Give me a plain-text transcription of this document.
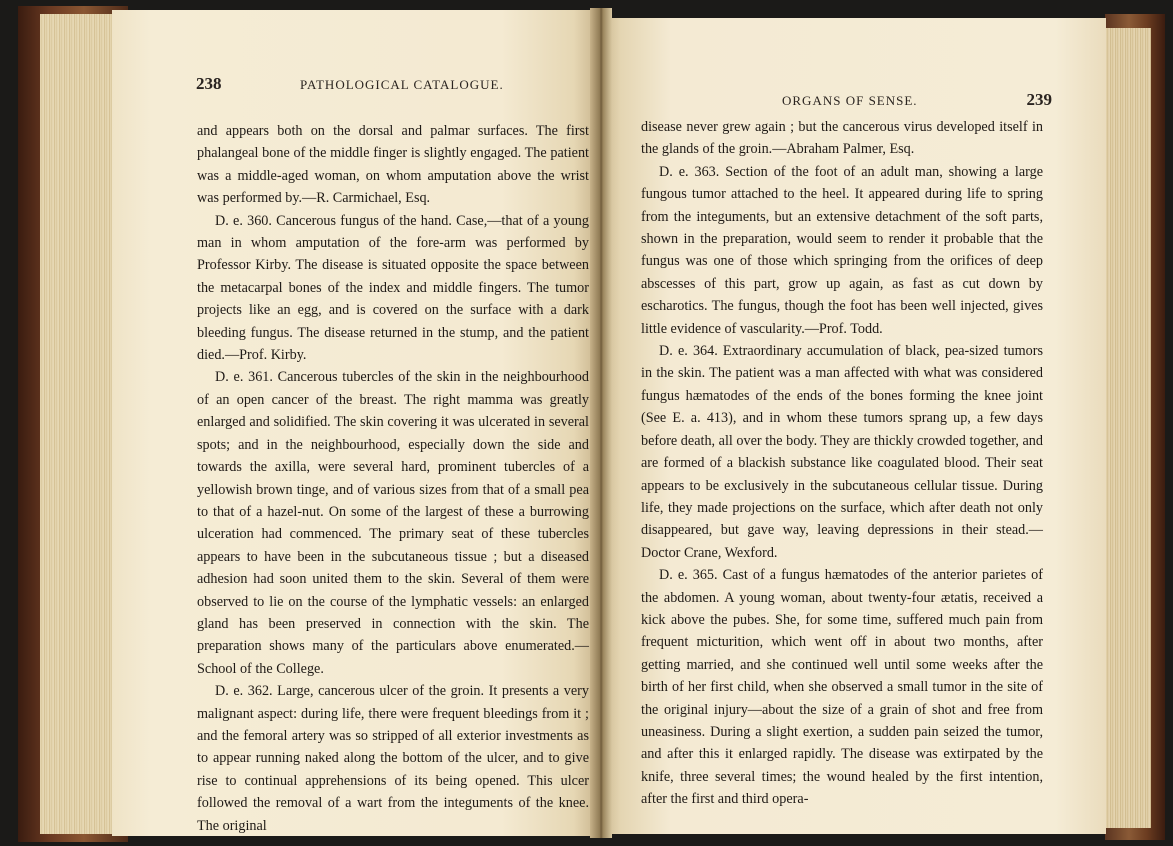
238	PATHOLOGICAL CATALOGUE.

and appears both on the dorsal and palmar surfaces. The first phalangeal bone of the middle finger is slightly engaged. The patient was a middle-aged woman, on whom amputation above the wrist was performed by.—R. Carmichael, Esq.

D. e. 360. Cancerous fungus of the hand. Case,—that of a young man in whom amputation of the fore-arm was performed by Professor Kirby. The disease is situated opposite the space between the metacarpal bones of the index and middle fingers. The tumor projects like an egg, and is covered on the surface with a dark bleeding fungus. The disease returned in the stump, and the patient died.—Prof. Kirby.

D. e. 361. Cancerous tubercles of the skin in the neighbourhood of an open cancer of the breast. The right mamma was greatly enlarged and solidified. The skin covering it was ulcerated in several spots; and in the neighbourhood, especially down the side and towards the axilla, were several hard, prominent tubercles of a yellowish brown tinge, and of various sizes from that of a small pea to that of a hazel-nut. On some of the largest of these a burrowing ulceration had commenced. The primary seat of these tubercles appears to have been in the subcutaneous tissue ; but a diseased adhesion had soon united them to the skin. Several of them were observed to lie on the course of the lymphatic vessels: an enlarged gland has been preserved in connection with the skin. The preparation shows many of the particulars above enumerated.—School of the College.

D. e. 362. Large, cancerous ulcer of the groin. It presents a very malignant aspect: during life, there were frequent bleedings from it ; and the femoral artery was so stripped of all exterior investments as to appear running naked along the bottom of the ulcer, and to give rise to continual apprehensions of its being opened. This ulcer followed the removal of a wart from the integuments of the knee. The original

ORGANS OF SENSE.	239

disease never grew again ; but the cancerous virus developed itself in the glands of the groin.—Abraham Palmer, Esq.

D. e. 363. Section of the foot of an adult man, showing a large fungous tumor attached to the heel. It appeared during life to spring from the integuments, but an extensive detachment of the soft parts, shown in the preparation, would seem to render it probable that the fungus was one of those which springing from the orifices of deep abscesses of this part, grow up again, as fast as cut down by escharotics. The fungus, though the foot has been well injected, gives little evidence of vascularity.—Prof. Todd.

D. e. 364. Extraordinary accumulation of black, pea-sized tumors in the skin. The patient was a man affected with what was considered fungus hæmatodes of the ends of the bones forming the knee joint (See E. a. 413), and in whom these tumors sprang up, a few days before death, all over the body. They are thickly crowded together, and are formed of a blackish substance like coagulated blood. Their seat appears to be exclusively in the subcutaneous cellular tissue. During life, they made projections on the surface, which after death not only disappeared, but gave way, leaving depressions in their stead.—Doctor Crane, Wexford.

D. e. 365. Cast of a fungus hæmatodes of the anterior parietes of the abdomen. A young woman, about twenty-four ætatis, received a kick above the pubes. She, for some time, suffered much pain from frequent micturition, which went off in about two months, after getting married, and she continued well until some weeks after the birth of her first child, when she observed a small tumor in the site of the original injury—about the size of a grain of shot and free from uneasiness. During a slight exertion, a sudden pain seized the tumor, and after this it enlarged rapidly. The disease was extirpated by the knife, three several times; the wound healed by the first intention, after the first and third opera-
